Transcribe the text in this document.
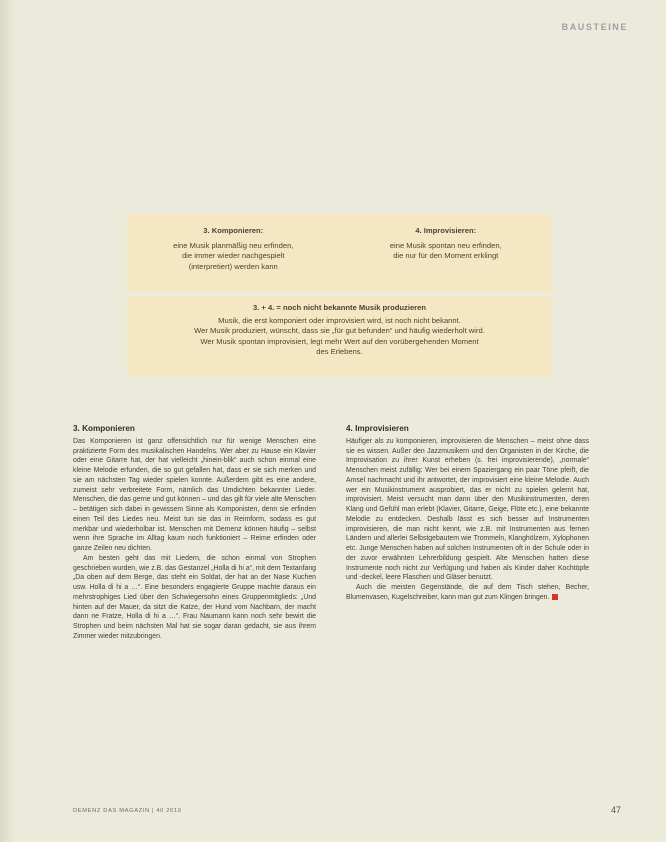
BAUSTEINE
3. Komponieren:
eine Musik planmäßig neu erfinden,
die immer wieder nachgespielt
(interpretiert) werden kann
4. Improvisieren:
eine Musik spontan neu erfinden,
die nur für den Moment erklingt
3. + 4. = noch nicht bekannte Musik produzieren
Musik, die erst komponiert oder improvisiert wird, ist noch nicht bekannt.
Wer Musik produziert, wünscht, dass sie „für gut befunden“ und häufig wiederholt wird.
Wer Musik spontan improvisiert, legt mehr Wert auf den vorübergehenden Moment
des Erlebens.
3. Komponieren

Das Komponieren ist ganz offensichtlich nur für wenige Menschen eine praktizierte Form des musikalischen Handelns. Wer aber zu Hause ein Klavier oder eine Gitarre hat, der hat vielleicht „hinein-blik“ auch schon einmal eine kleine Melodie erfunden, die so gut gefallen hat, dass er sie sich merken und sie am nächsten Tag wieder spielen konnte. Außerdem gibt es eine andere, zumeist sehr verbreitete Form, nämlich das Umdichten bekannter Lieder. Menschen, die das gerne und gut können – und das gilt für viele alte Menschen – betätigen sich dabei in gewissem Sinne als Komponisten, denn sie erfinden einen Teil des Liedes neu. Meist tun sie das in Reimform, sodass es gut merkbar und wiederholbar ist. Menschen mit Demenz können häufig – selbst wenn ihre Sprache im Alltag kaum noch funktioniert – Reime erfinden oder ganze Zeilen neu dichten.

Am besten geht das mit Liedern, die schon einmal von Strophen geschrieben wurden, wie z.B. das Gestanzel „Holla di hi a“, mit dem Textanfang „Da oben auf dem Berge, das steht ein Soldat, der hat an der Nase Kuchen usw. Holla di hi a …“. Eine besonders engagierte Gruppe machte daraus ein mehrstrophiges Lied über den Schwiegersohn eines Gruppenmitglieds: „Und hinten auf der Mauer, da sitzt die Katze, der Hund vom Nachbarn, der macht dann ne Fratze, Holla di hi a …“. Frau Naumann kann noch sehr bewirt die Strophen und beim nächsten Mal hat sie sogar daran gedacht, sie aus ihrem Zimmer wieder mitzubringen.

4. Improvisieren

Häufiger als zu komponieren, improvisieren die Menschen – meist ohne dass sie es wissen. Außer den Jazzmusikern und den Organisten in der Kirche, die Improvisation zu ihrer Kunst erheben (s. frei improvisierende), „normale“ Menschen meist zufällig: Wer bei einem Spaziergang ein paar Töne pfeift, die Amsel nachmacht und ihr antwortet, der improvisiert eine kleine Melodie. Auch wer ein Musikinstrument ausprobiert, das er nicht zu spielen gelernt hat, improvisiert. Meist versucht man dann über den Musikinstrumenten, deren Klang und Gefühl man erlebt (Klavier, Gitarre, Geige, Flöte etc.), eine bekannte Melodie zu entdecken. Deshalb lässt es sich besser auf Instrumenten improvisieren, die man nicht kennt, wie z.B. mit Instrumenten aus fernen Ländern und allerlei Selbstgebautem wie Trommeln, Klanghölzern, Xylophonen etc. Junge Menschen haben auf solchen Instrumenten oft in der Schule oder in der zuvor erwähnten Lehrerbildung gespielt. Alte Menschen hatten diese Instrumente noch nicht zur Verfügung und haben als Kinder daher Kochtöpfe und -deckel, leere Flaschen und Gläser benutzt.

Auch die meisten Gegenstände, die auf dem Tisch stehen, Becher, Blumenvasen, Kugelschreiber, kann man gut zum Klingen bringen.

DEMENZ DAS MAGAZIN | 40 2019	47
